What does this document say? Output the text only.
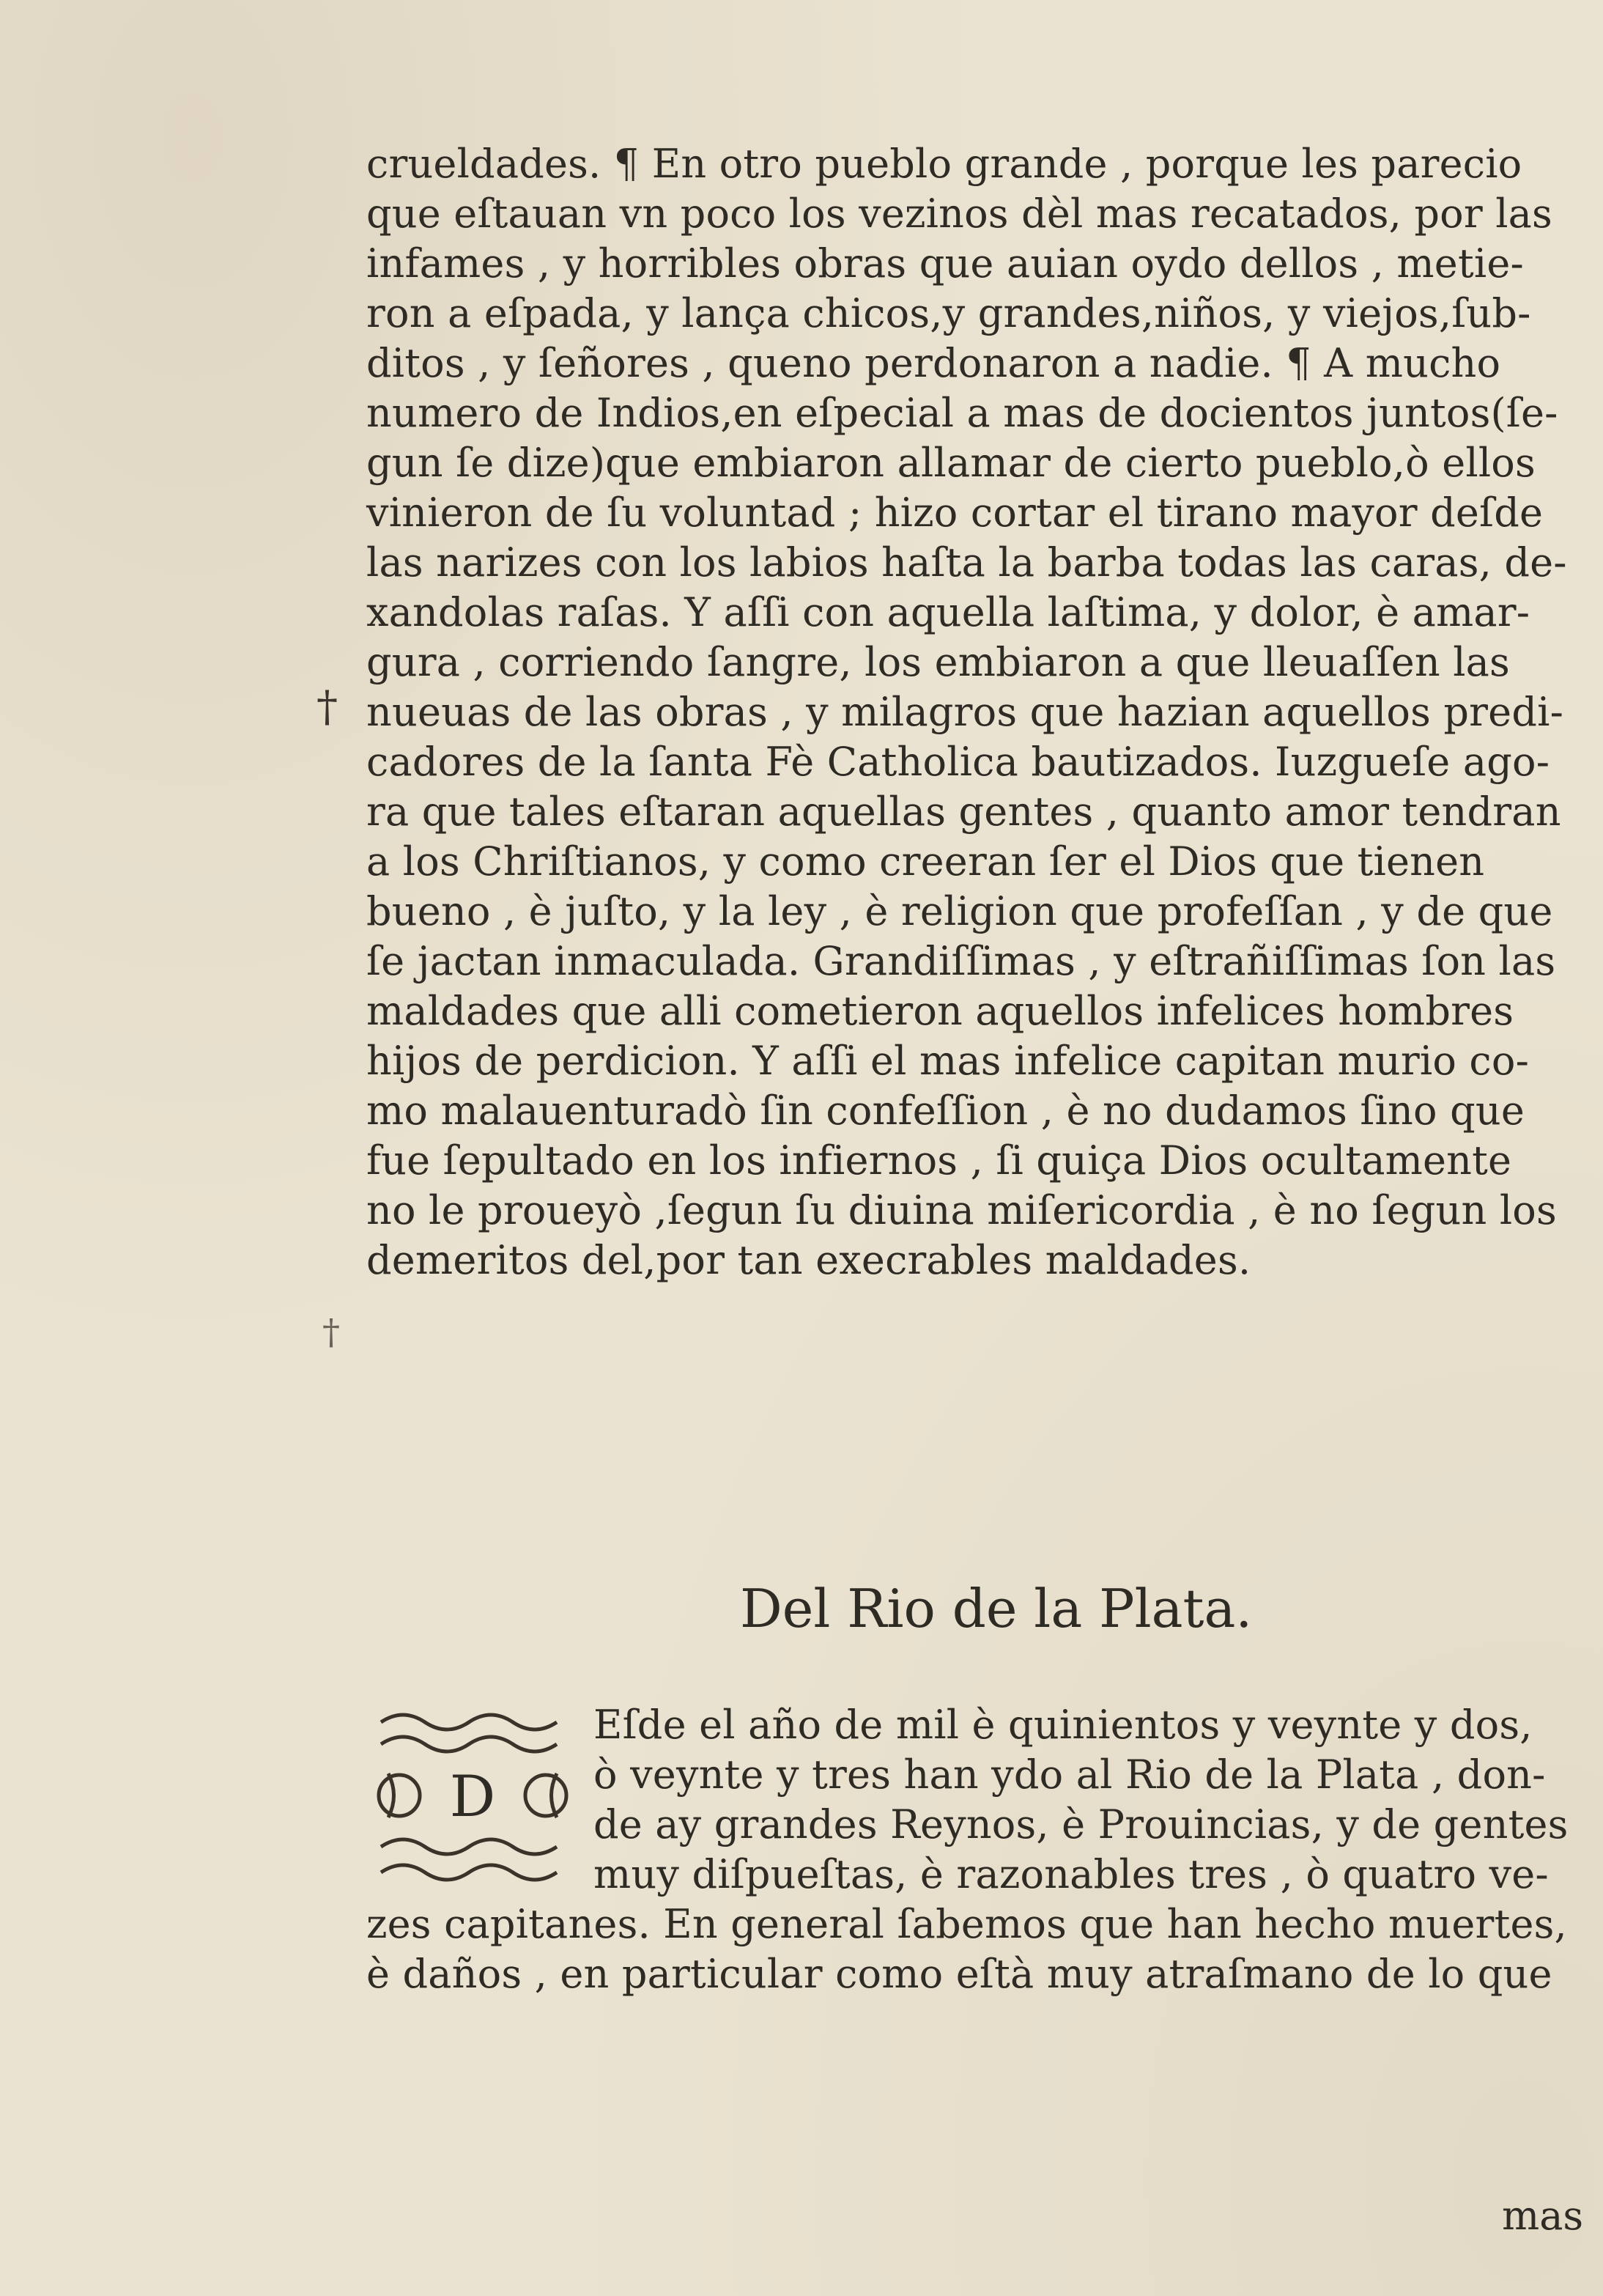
crueldades. ¶ En otro pueblo grande , porque les parecio
que eſtauan vn poco los vezinos dèl mas recatados, por las
infames , y horribles obras que auian oydo dellos , metie-
ron a eſpada, y lança chicos,y grandes,niños, y viejos,ſub-
ditos , y ſeñores , queno perdonaron a nadie. ¶ A mucho
numero de Indios,en eſpecial a mas de docientos juntos(ſe-
gun ſe dize)que embiaron allamar de cierto pueblo,ò ellos
vinieron de ſu voluntad ; hizo cortar el tirano mayor deſde
las narizes con los labios haſta la barba todas las caras, de-
xandolas raſas. Y aſſi con aquella laſtima, y dolor, è amar-
gura , corriendo ſangre, los embiaron a que lleuaſſen las
nueuas de las obras , y milagros que hazian aquellos predi-
cadores de la ſanta Fè Catholica bautizados. Iuzgueſe ago-
ra que tales eſtaran aquellas gentes , quanto amor tendran
a los Chriſtianos, y como creeran ſer el Dios que tienen
bueno , è juſto, y la ley , è religion que profeſſan , y de que
ſe jactan inmaculada. Grandiſſimas , y eſtrañiſſimas ſon las
maldades que alli cometieron aquellos infelices hombres
hijos de perdicion. Y aſſi el mas infelice capitan murio co-
mo malauenturadò ſin confeſſion , è no dudamos ſino que
fue ſepultado en los infiernos , ſi quiça Dios ocultamente
no le proueyò ,ſegun ſu diuina miſericordia , è no ſegun los
demeritos del,por tan execrables maldades.
†
†
Del Rio de la Plata.
D
Eſde el año de mil è quinientos y veynte y dos,
ò veynte y tres han ydo al Rio de la Plata , don-
de ay grandes Reynos, è Prouincias, y de gentes
muy diſpueſtas, è razonables tres , ò quatro ve-
zes capitanes. En general ſabemos que han hecho muertes,
è daños , en particular como eſtà muy atraſmano de lo que
mas
